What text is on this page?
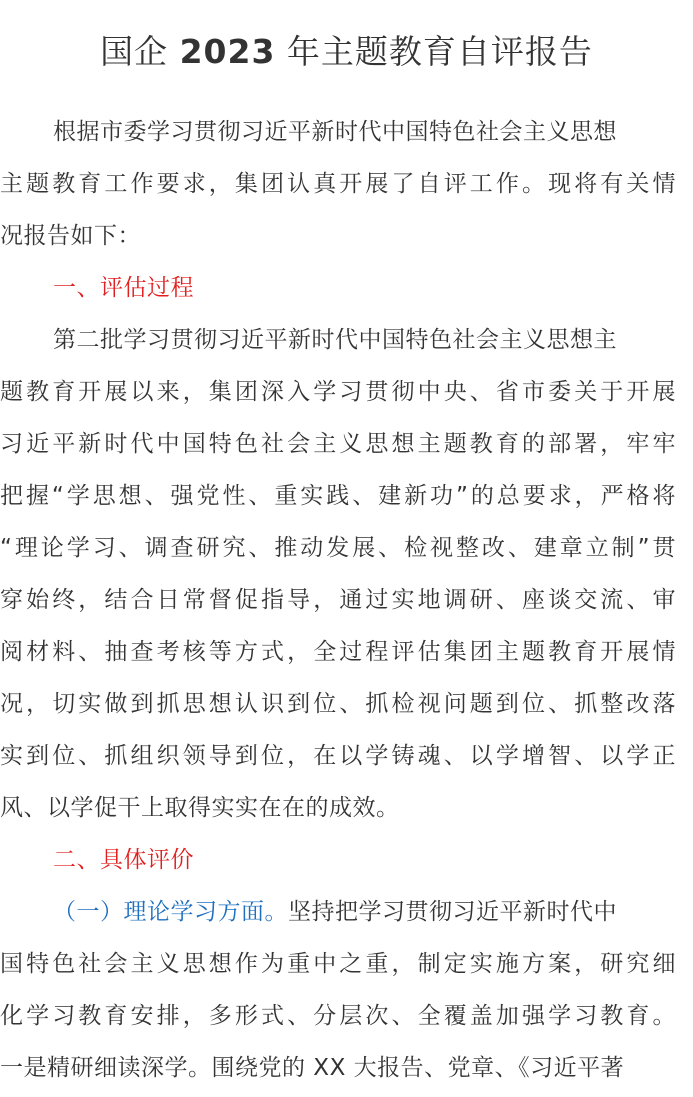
国企 2023 年主题教育自评报告
根据市委学习贯彻习近平新时代中国特色社会主义思想
主题教育工作要求，集团认真开展了自评工作。现将有关情
况报告如下：
一、评估过程
第二批学习贯彻习近平新时代中国特色社会主义思想主
题教育开展以来，集团深入学习贯彻中央、省市委关于开展
习近平新时代中国特色社会主义思想主题教育的部署，牢牢
把握“学思想、强党性、重实践、建新功”的总要求，严格将
“理论学习、调查研究、推动发展、检视整改、建章立制”贯
穿始终，结合日常督促指导，通过实地调研、座谈交流、审
阅材料、抽查考核等方式，全过程评估集团主题教育开展情
况，切实做到抓思想认识到位、抓检视问题到位、抓整改落
实到位、抓组织领导到位，在以学铸魂、以学增智、以学正
风、以学促干上取得实实在在的成效。
二、具体评价
（一）理论学习方面。坚持把学习贯彻习近平新时代中
国特色社会主义思想作为重中之重，制定实施方案，研究细
化学习教育安排，多形式、分层次、全覆盖加强学习教育。
一是精研细读深学。围绕党的 XX 大报告、党章、《习近平著
